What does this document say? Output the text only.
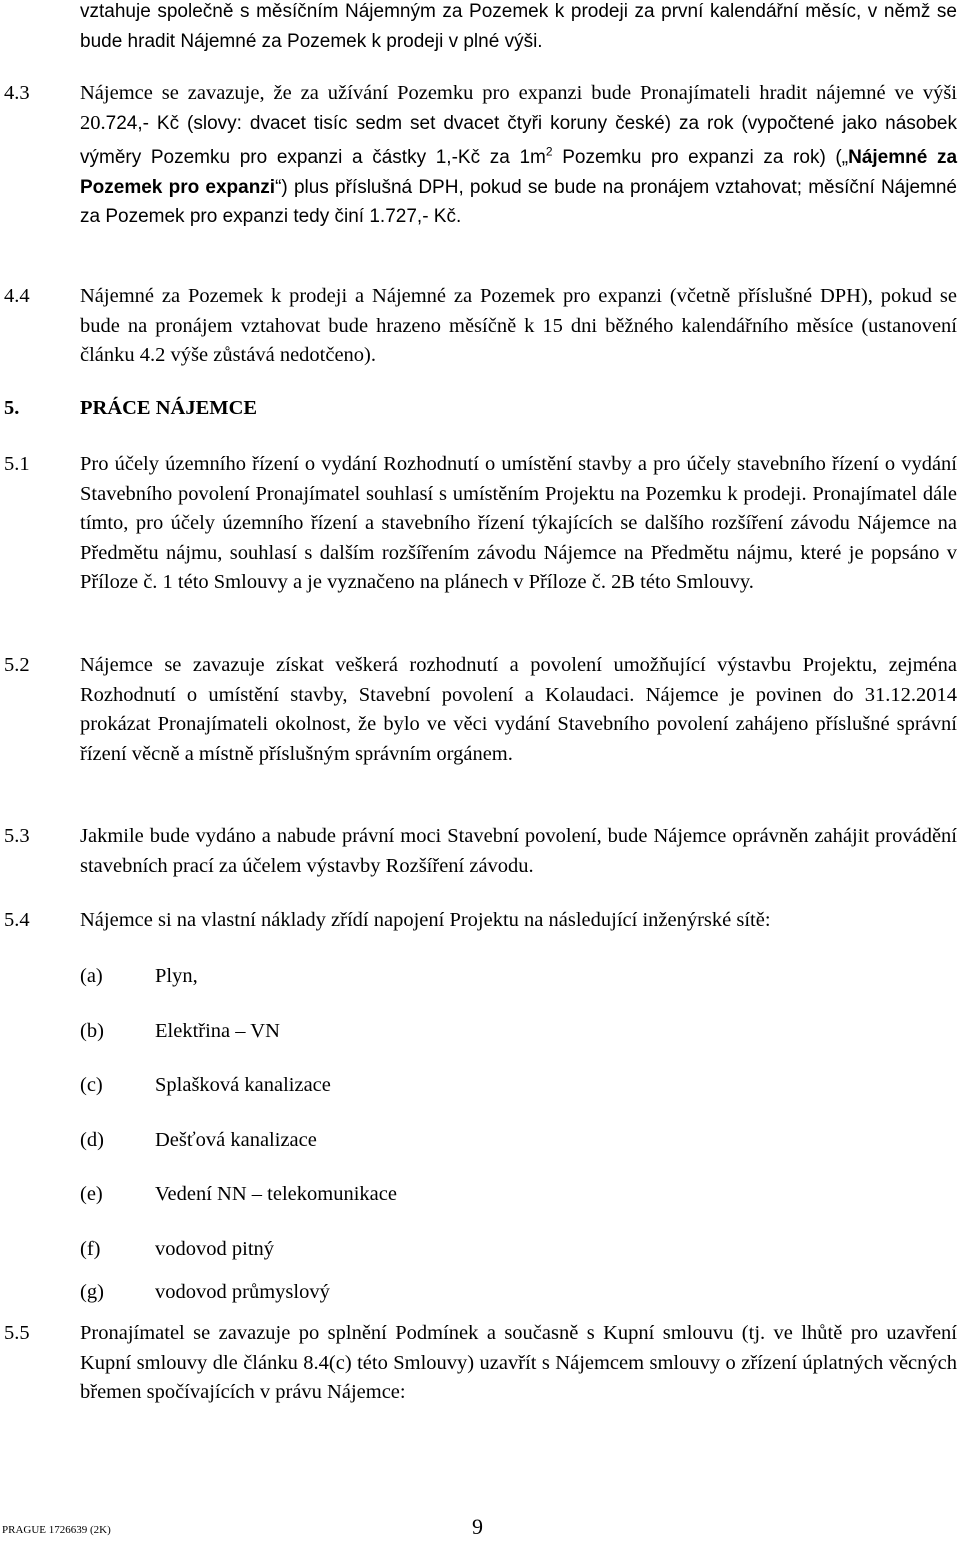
vztahuje společně s měsíčním Nájemným za Pozemek k prodeji za první kalendářní měsíc, v němž se bude hradit Nájemné za Pozemek k prodeji v plné výši.
4.3 Nájemce se zavazuje, že za užívání Pozemku pro expanzi bude Pronajímateli hradit nájemné ve výši 20.724,- Kč (slovy: dvacet tisíc sedm set dvacet čtyři koruny české) za rok (vypočtené jako násobek výměry Pozemku pro expanzi a částky 1,-Kč za $1m^2$ Pozemku pro expanzi za rok) („Nájemné za Pozemek pro expanzi“) plus příslušná DPH, pokud se bude na pronájem vztahovat; měsíční Nájemné za Pozemek pro expanzi tedy činí 1.727,- Kč.
4.4 Nájemné za Pozemek k prodeji a Nájemné za Pozemek pro expanzi (včetně příslušné DPH), pokud se bude na pronájem vztahovat bude hrazeno měsíčně k 15 dni běžného kalendářního měsíce (ustanovení článku 4.2 výše zůstává nedotčeno).
5.	PRÁCE NÁJEMCE
5.1 Pro účely územního řízení o vydání Rozhodnutí o umístění stavby a pro účely stavebního řízení o vydání Stavebního povolení Pronajímatel souhlasí s umístěním Projektu na Pozemku k prodeji. Pronajímatel dále tímto, pro účely územního řízení a stavebního řízení týkajících se dalšího rozšíření závodu Nájemce na Předmětu nájmu, souhlasí s dalším rozšířením závodu Nájemce na Předmětu nájmu, které je popsáno v Příloze č. 1 této Smlouvy a je vyznačeno na plánech v Příloze č. 2B této Smlouvy.
5.2 Nájemce se zavazuje získat veškerá rozhodnutí a povolení umožňující výstavbu Projektu, zejména Rozhodnutí o umístění stavby, Stavební povolení a Kolaudaci. Nájemce je povinen do 31.12.2014 prokázat Pronajímateli okolnost, že bylo ve věci vydání Stavebního povolení zahájeno příslušné správní řízení věcně a místně příslušným správním orgánem.
5.3 Jakmile bude vydáno a nabude právní moci Stavební povolení, bude Nájemce oprávněn zahájit provádění stavebních prací za účelem výstavby Rozšíření závodu.
5.4 Nájemce si na vlastní náklady zřídí napojení Projektu na následující inženýrské sítě:
(a)	Plyn,
(b) Elektřina – VN
(c)	Splašková kanalizace
(d) Dešťová kanalizace
(e)	Vedení NN – telekomunikace
(f)	vodovod pitný
(g) vodovod průmyslový
5.5 Pronajímatel se zavazuje po splnění Podmínek a současně s Kupní smlouvu (tj. ve lhůtě pro uzavření Kupní smlouvy dle článku 8.4(c) této Smlouvy) uzavřít s Nájemcem smlouvy o zřízení úplatných věcných břemen spočívajících v právu Nájemce:
PRAGUE 1726639 (2K)	9
